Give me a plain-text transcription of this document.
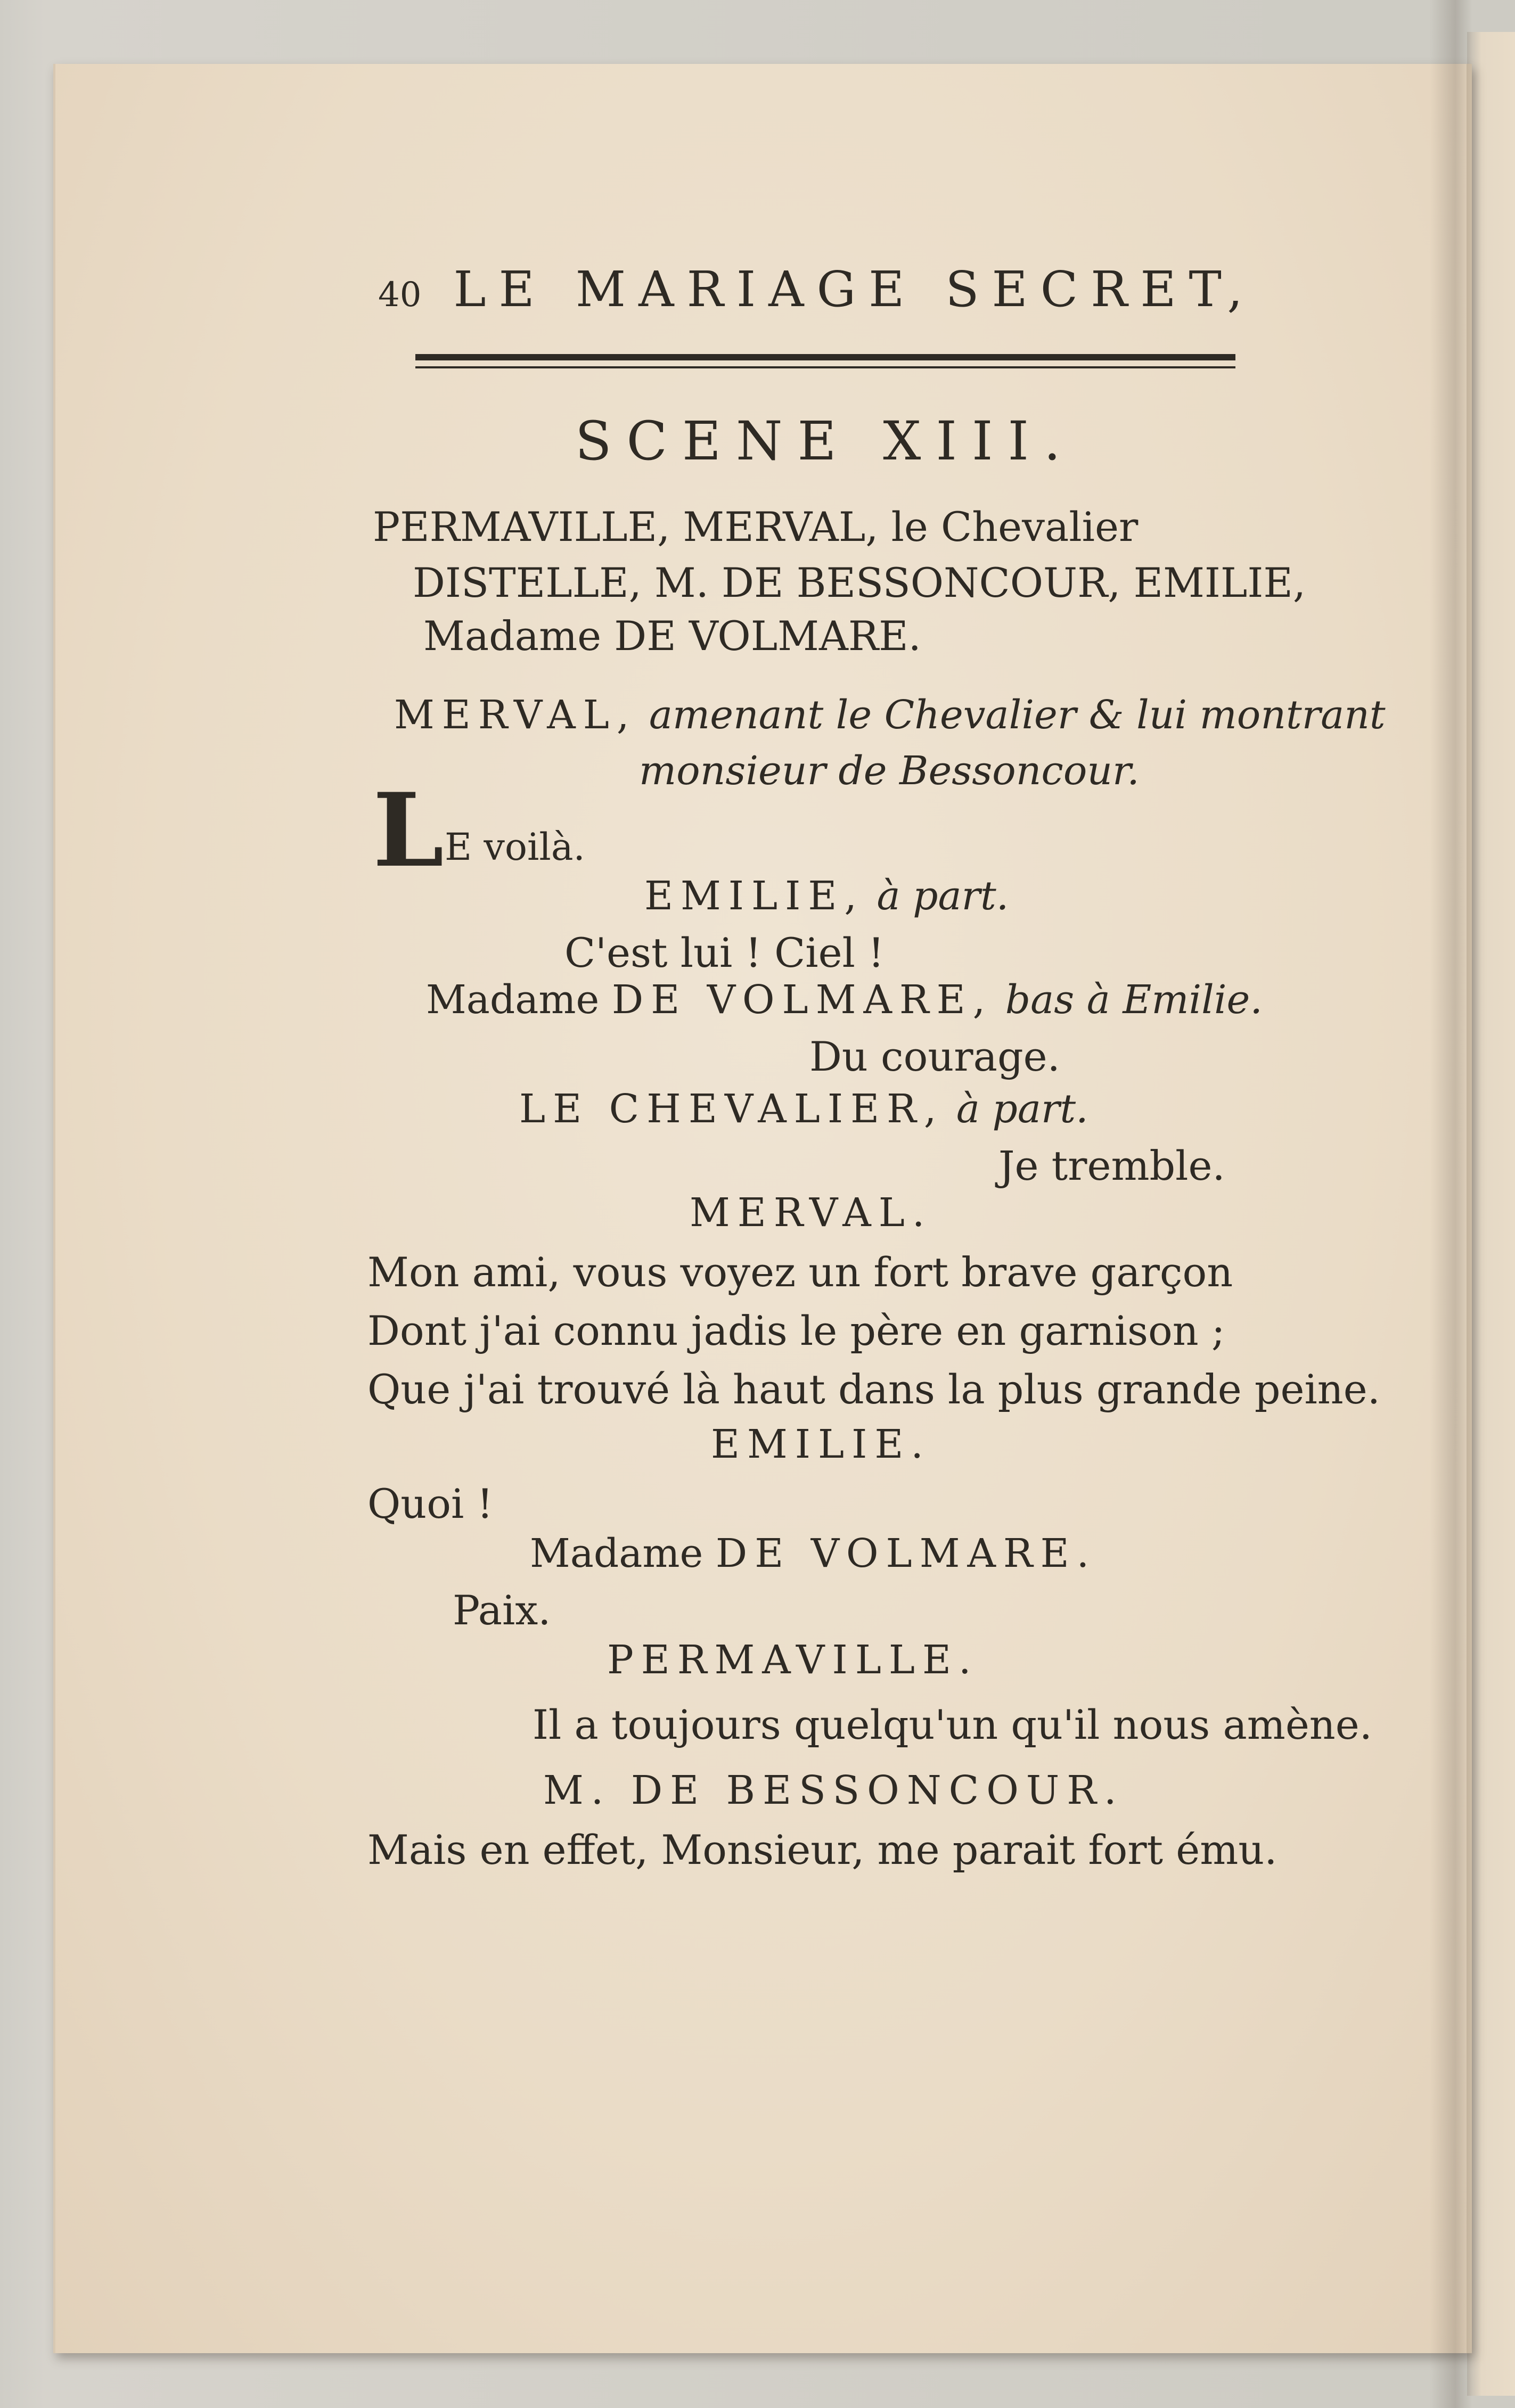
40 LE MARIAGE SECRET,
SCENE XIII.
PERMAVILLE, MERVAL, le Chevalier
DISTELLE, M. DE BESSONCOUR, EMILIE,
Madame DE VOLMARE.
MERVAL, amenant le Chevalier & lui montrant
monsieur de Bessoncour.
L E voilà.
EMILIE, à part.
C'est lui ! Ciel !
Madame DE VOLMARE, bas à Emilie.
Du courage.
LE CHEVALIER, à part.
Je tremble.
MERVAL.
Mon ami, vous voyez un fort brave garçon
Dont j'ai connu jadis le père en garnison ;
Que j'ai trouvé là haut dans la plus grande peine.
EMILIE.
Quoi !
Madame DE VOLMARE.
Paix.
PERMAVILLE.
Il a toujours quelqu'un qu'il nous amène.
M. DE BESSONCOUR.
Mais en effet, Monsieur, me parait fort ému.
